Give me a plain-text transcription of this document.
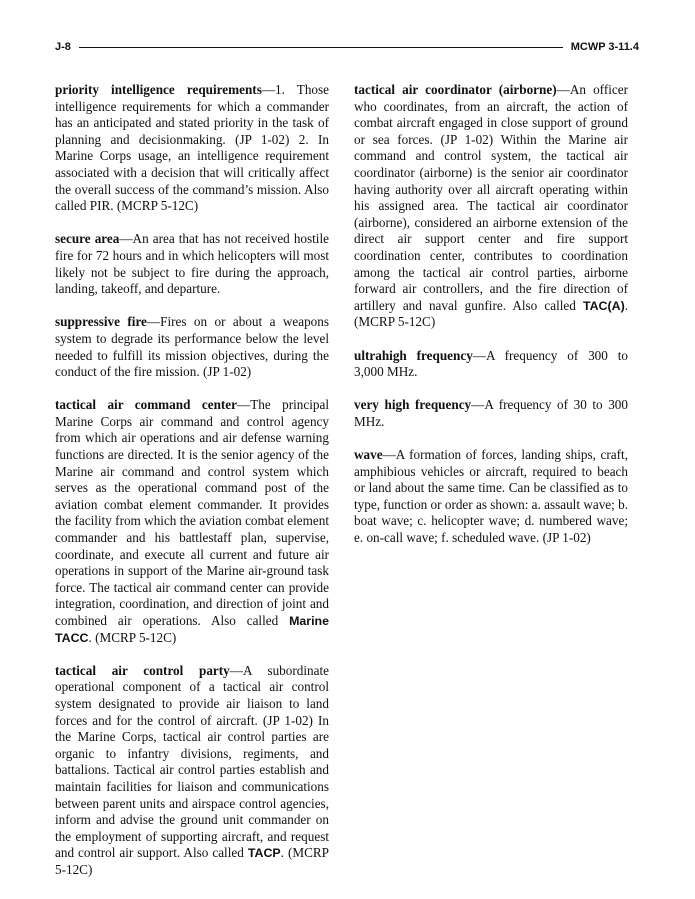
J-8	MCWP 3-11.4

priority intelligence requirements—1. Those intelligence requirements for which a commander has an anticipated and stated priority in the task of planning and decisionmaking. (JP 1-02) 2. In Marine Corps usage, an intelligence requirement associated with a decision that will critically affect the overall success of the command’s mission. Also called PIR. (MCRP 5-12C)

secure area—An area that has not received hostile fire for 72 hours and in which helicopters will most likely not be subject to fire during the approach, landing, takeoff, and departure.

suppressive fire—Fires on or about a weapons system to degrade its performance below the level needed to fulfill its mission objectives, during the conduct of the fire mission. (JP 1-02)

tactical air command center—The principal Marine Corps air command and control agency from which air operations and air defense warning functions are directed. It is the senior agency of the Marine air command and control system which serves as the operational command post of the aviation combat element commander. It provides the facility from which the aviation combat element commander and his battlestaff plan, supervise, coordinate, and execute all current and future air operations in support of the Marine air-ground task force. The tactical air command center can provide integration, coordination, and direction of joint and combined air operations. Also called Marine TACC. (MCRP 5-12C)

tactical air control party—A subordinate operational component of a tactical air control system designated to provide air liaison to land forces and for the control of aircraft. (JP 1-02) In the Marine Corps, tactical air control parties are organic to infantry divisions, regiments, and battalions. Tactical air control parties establish and maintain facilities for liaison and communications between parent units and airspace control agencies, inform and advise the ground unit commander on the employment of supporting aircraft, and request and control air support. Also called TACP. (MCRP 5-12C)

tactical air coordinator (airborne)—An officer who coordinates, from an aircraft, the action of combat aircraft engaged in close support of ground or sea forces. (JP 1-02) Within the Marine air command and control system, the tactical air coordinator (airborne) is the senior air coordinator having authority over all aircraft operating within his assigned area. The tactical air coordinator (airborne), considered an airborne extension of the direct air support center and fire support coordination center, contributes to coordination among the tactical air control parties, airborne forward air controllers, and the fire direction of artillery and naval gunfire. Also called TAC(A). (MCRP 5-12C)

ultrahigh frequency—A frequency of 300 to 3,000 MHz.

very high frequency—A frequency of 30 to 300 MHz.

wave—A formation of forces, landing ships, craft, amphibious vehicles or aircraft, required to beach or land about the same time. Can be classified as to type, function or order as shown: a. assault wave; b. boat wave; c. helicopter wave; d. numbered wave; e. on-call wave; f. scheduled wave. (JP 1-02)
